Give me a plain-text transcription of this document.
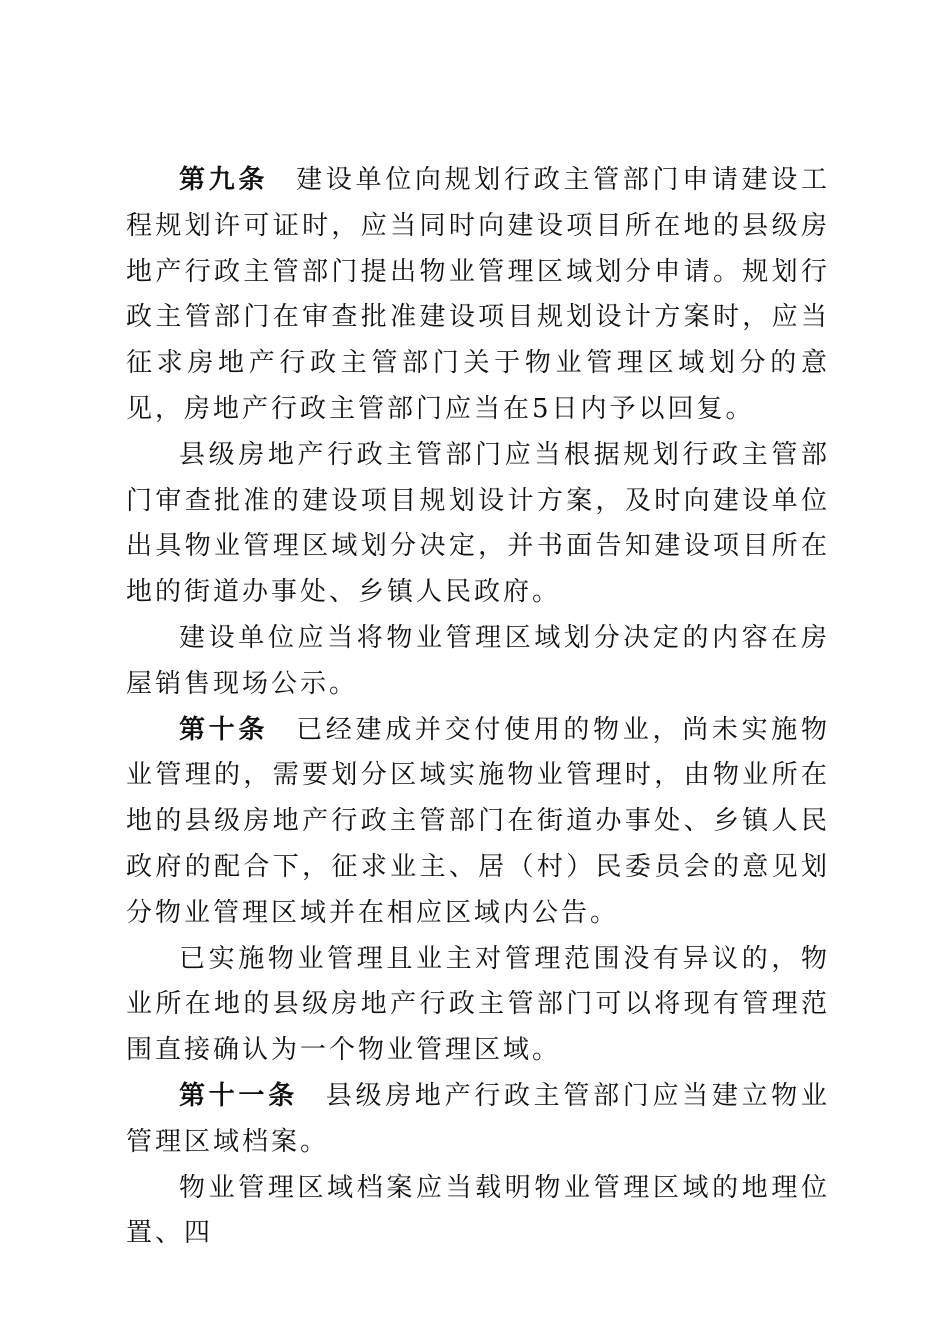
第九条 建设单位向规划行政主管部门申请建设工程规划许可证时，应当同时向建设项目所在地的县级房地产行政主管部门提出物业管理区域划分申请。规划行政主管部门在审查批准建设项目规划设计方案时，应当征求房地产行政主管部门关于物业管理区域划分的意见，房地产行政主管部门应当在5日内予以回复。

县级房地产行政主管部门应当根据规划行政主管部门审查批准的建设项目规划设计方案，及时向建设单位出具物业管理区域划分决定，并书面告知建设项目所在地的街道办事处、乡镇人民政府。

建设单位应当将物业管理区域划分决定的内容在房屋销售现场公示。

第十条 已经建成并交付使用的物业，尚未实施物业管理的，需要划分区域实施物业管理时，由物业所在地的县级房地产行政主管部门在街道办事处、乡镇人民政府的配合下，征求业主、居（村）民委员会的意见划分物业管理区域并在相应区域内公告。

已实施物业管理且业主对管理范围没有异议的，物业所在地的县级房地产行政主管部门可以将现有管理范围直接确认为一个物业管理区域。

第十一条 县级房地产行政主管部门应当建立物业管理区域档案。

物业管理区域档案应当载明物业管理区域的地理位置、四
